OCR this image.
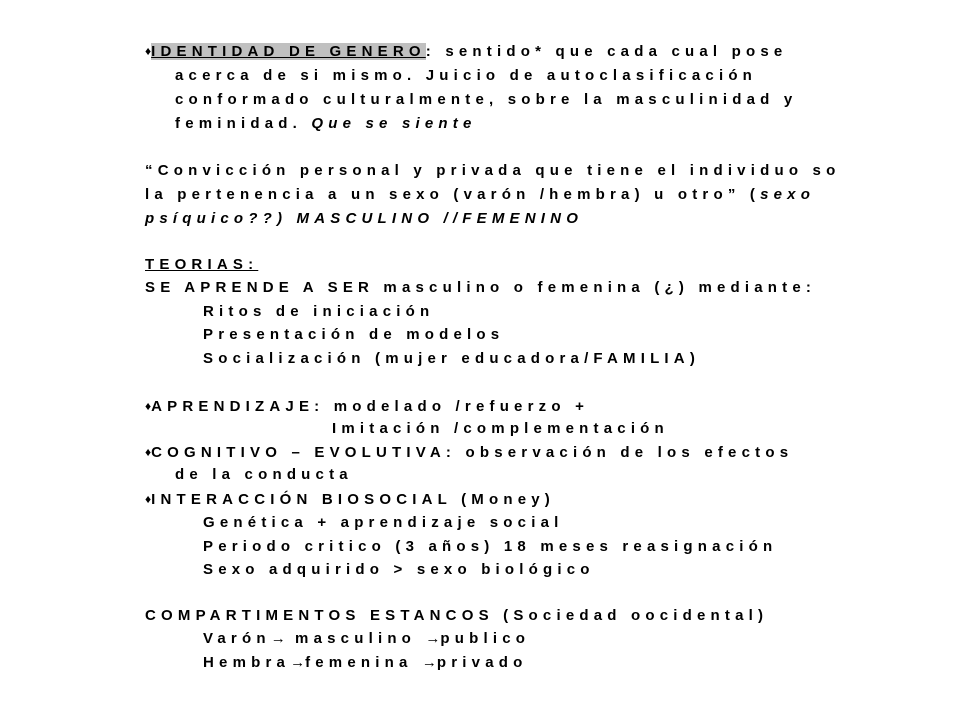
♦IDENTIDAD DE GENERO: sentido* que cada cual pose
acerca de si mismo. Juicio de autoclasificación
conformado culturalmente, sobre la masculinidad y
feminidad. Que se siente
“Convicción personal y privada que tiene el individuo so
la pertenencia a un sexo (varón /hembra) u otro” (sexo
psíquico??) MASCULINO //FEMENINO
TEORIAS:
SE APRENDE A SER masculino o femenina (¿) mediante:
Ritos de iniciación
Presentación de modelos
Socialización (mujer educadora/FAMILIA)
♦APRENDIZAJE: modelado /refuerzo +
Imitación /complementación
♦COGNITIVO – EVOLUTIVA: observación de los efectos
de la conducta
♦INTERACCIÓN BIOSOCIAL (Money)
Genética + aprendizaje social
Periodo critico (3 años) 18 meses reasignación
Sexo adquirido > sexo biológico
COMPARTIMENTOS ESTANCOS (Sociedad oocidental)
Varón→ masculino →publico
Hembra→femenina →privado
